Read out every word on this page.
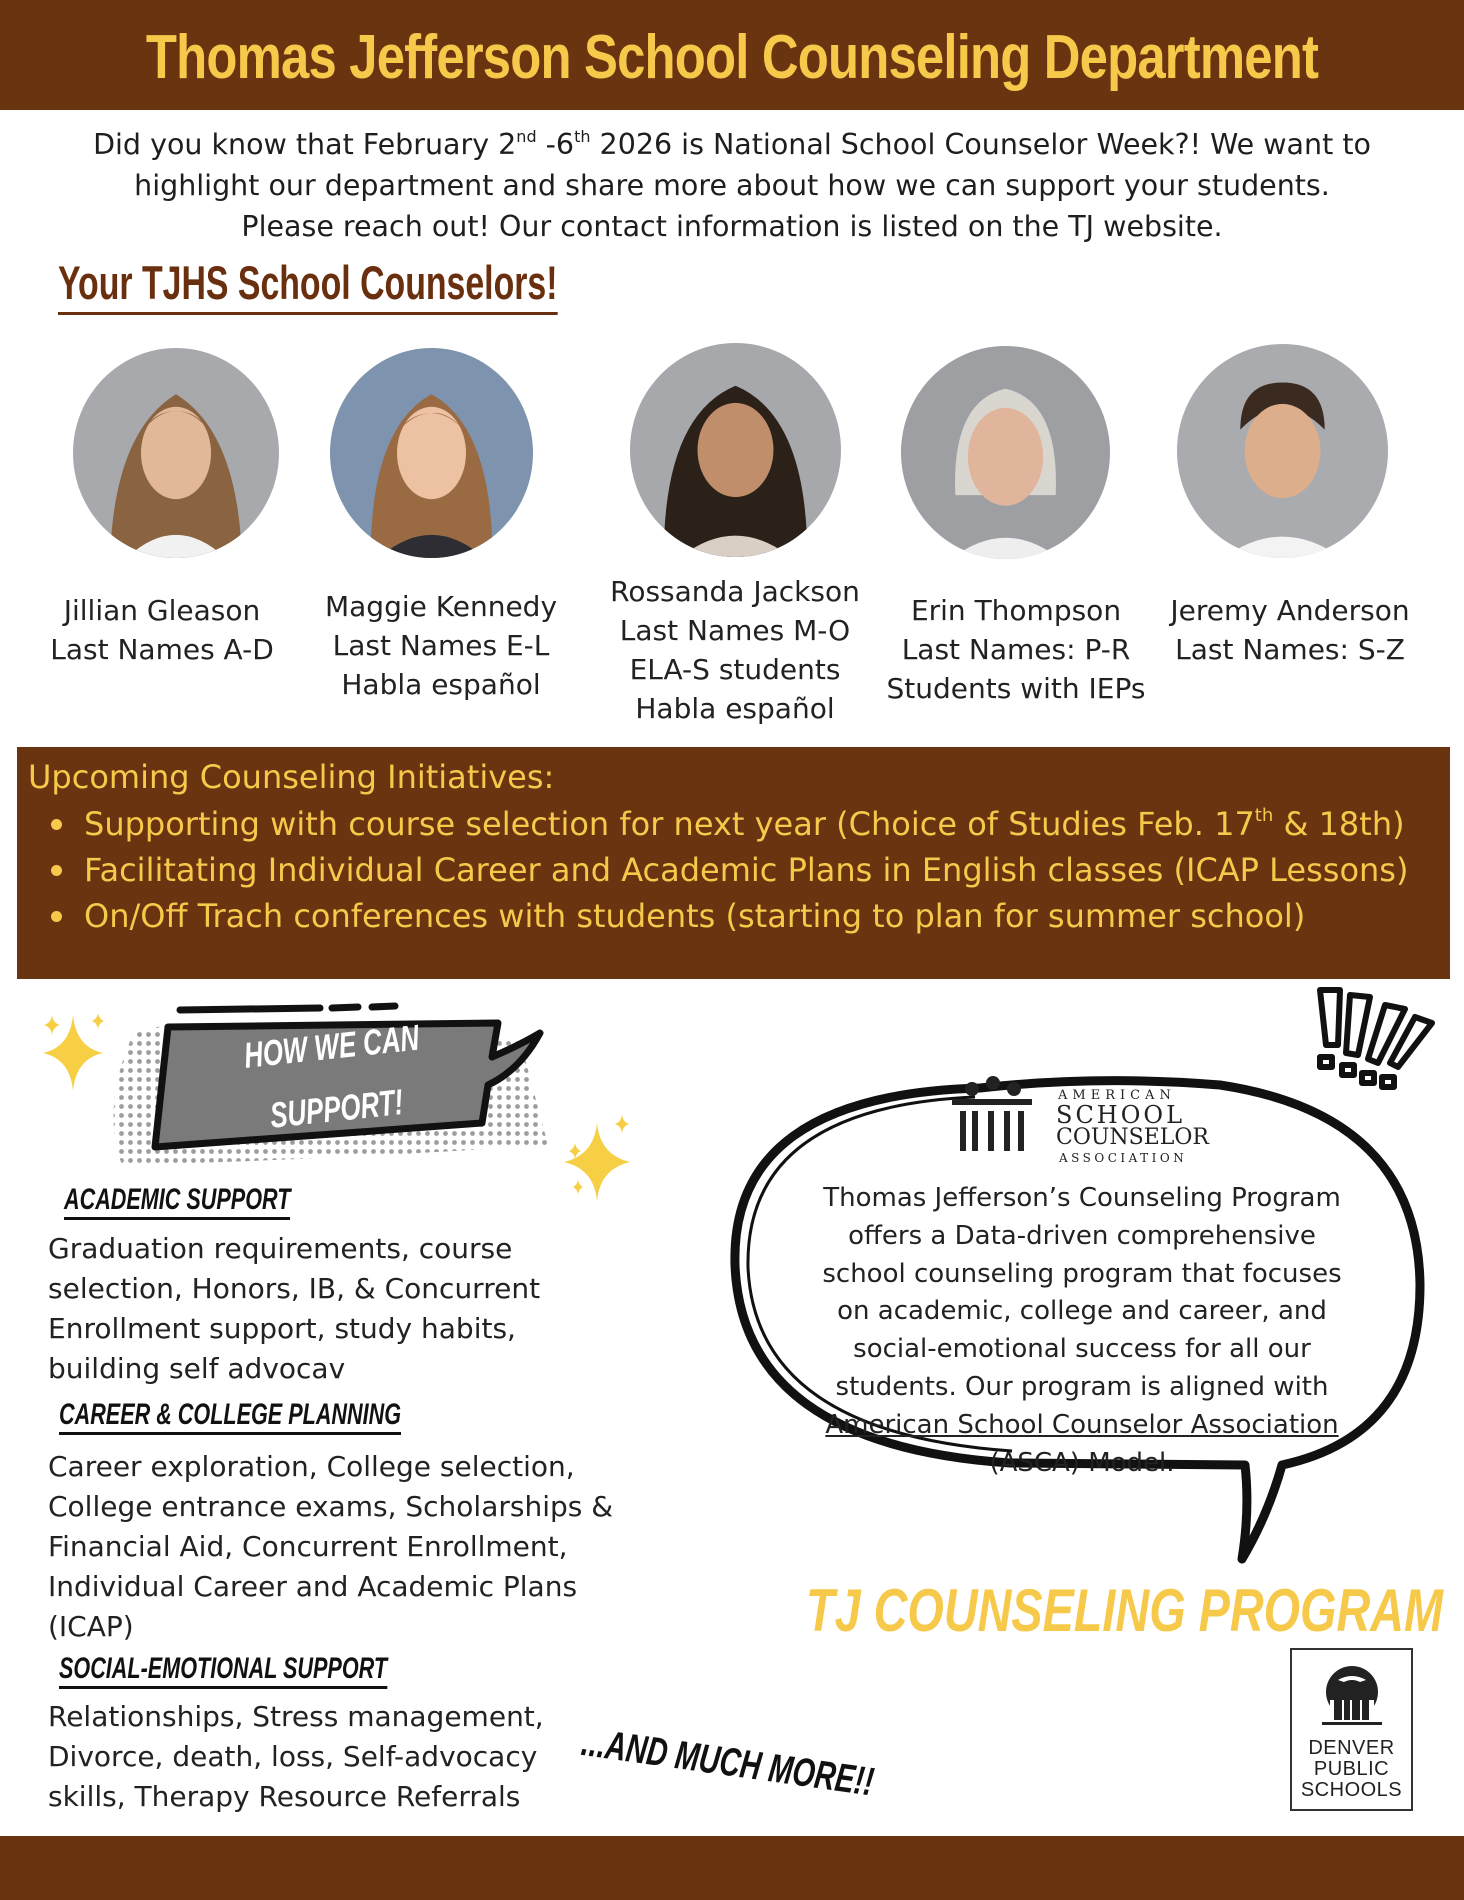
Thomas Jefferson School Counseling Department
Did you know that February 2nd -6th 2026 is National School Counselor Week?! We want to
highlight our department and share more about how we can support your students.
Please reach out! Our contact information is listed on the TJ website.
Your TJHS School Counselors!
Jillian Gleason
Last Names A-D
Maggie Kennedy
Last Names E-L
Habla español
Rossanda Jackson
Last Names M-O
ELA-S students
Habla español
Erin Thompson
Last Names: P-R
Students with IEPs
Jeremy Anderson
Last Names: S-Z
Upcoming Counseling Initiatives:
Supporting with course selection for next year (Choice of Studies Feb. 17th & 18th)
Facilitating Individual Career and Academic Plans in English classes (ICAP Lessons)
On/Off Trach conferences with students (starting to plan for summer school)
HOW WE CAN
SUPPORT!
ACADEMIC SUPPORT
Graduation requirements, course
selection, Honors, IB, & Concurrent
Enrollment support, study habits,
building self advocav
CAREER & COLLEGE PLANNING
Career exploration, College selection,
College entrance exams, Scholarships &
Financial Aid, Concurrent Enrollment,
Individual Career and Academic Plans
(ICAP)
SOCIAL-EMOTIONAL SUPPORT
Relationships, Stress management,
Divorce, death, loss, Self-advocacy
skills, Therapy Resource Referrals	...AND MUCH MORE!!
AMERICAN
SCHOOL
COUNSELOR
ASSOCIATION
Thomas Jefferson’s Counseling Program
offers a Data-driven comprehensive
school counseling program that focuses
on academic, college and career, and
social-emotional success for all our
students. Our program is aligned with
American School Counselor Association
(ASCA) Model.
TJ COUNSELING PROGRAM
DENVER
PUBLIC
SCHOOLS
